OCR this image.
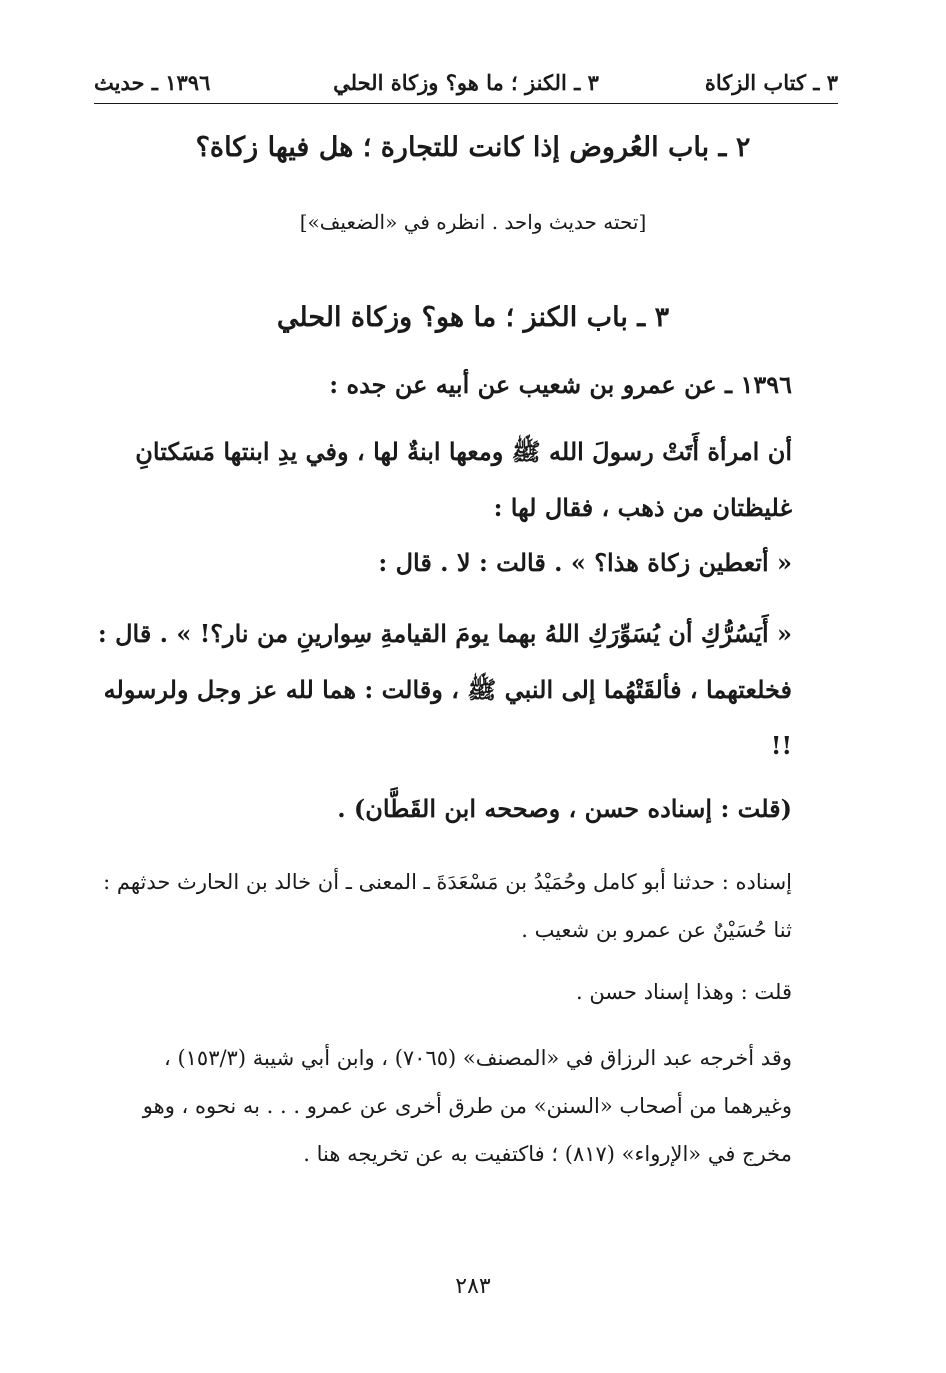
٣ ـ كتاب الزكاة
٣ ـ الكنز ؛ ما هو؟ وزكاة الحلي
١٣٩٦ ـ حديث
٢ ـ باب العُروض إذا كانت للتجارة ؛ هل فيها زكاة؟
[تحته حديث واحد . انظره في «الضعيف»]
٣ ـ باب الكنز ؛ ما هو؟ وزكاة الحلي
١٣٩٦ ـ عن عمرو بن شعيب عن أبيه عن جده :
أن امرأة أَتَتْ رسولَ الله ﷺ ومعها ابنةٌ لها ، وفي يدِ ابنتها مَسَكتانِ غليظتان من ذهب ، فقال لها :
« أتعطين زكاة هذا؟ » . قالت : لا . قال :
« أَيَسُرُّكِ أن يُسَوِّرَكِ اللهُ بهما يومَ القيامةِ سِوارينِ من نار؟! » . قال : فخلعتهما ، فألقَتْهُما إلى النبي ﷺ ، وقالت : هما لله عز وجل ولرسوله !!
(قلت : إسناده حسن ، وصححه ابن القَطَّان) .
إسناده : حدثنا أبو كامل وحُمَيْدُ بن مَسْعَدَةَ ـ المعنى ـ أن خالد بن الحارث حدثهم : ثنا حُسَيْنٌ عن عمرو بن شعيب .
قلت : وهذا إسناد حسن .
وقد أخرجه عبد الرزاق في «المصنف» (٧٠٦٥) ، وابن أبي شيبة (١٥٣/٣) ، وغيرهما من أصحاب «السنن» من طرق أخرى عن عمرو . . . به نحوه ، وهو مخرج في «الإرواء» (٨١٧) ؛ فاكتفيت به عن تخريجه هنا .
٢٨٣
